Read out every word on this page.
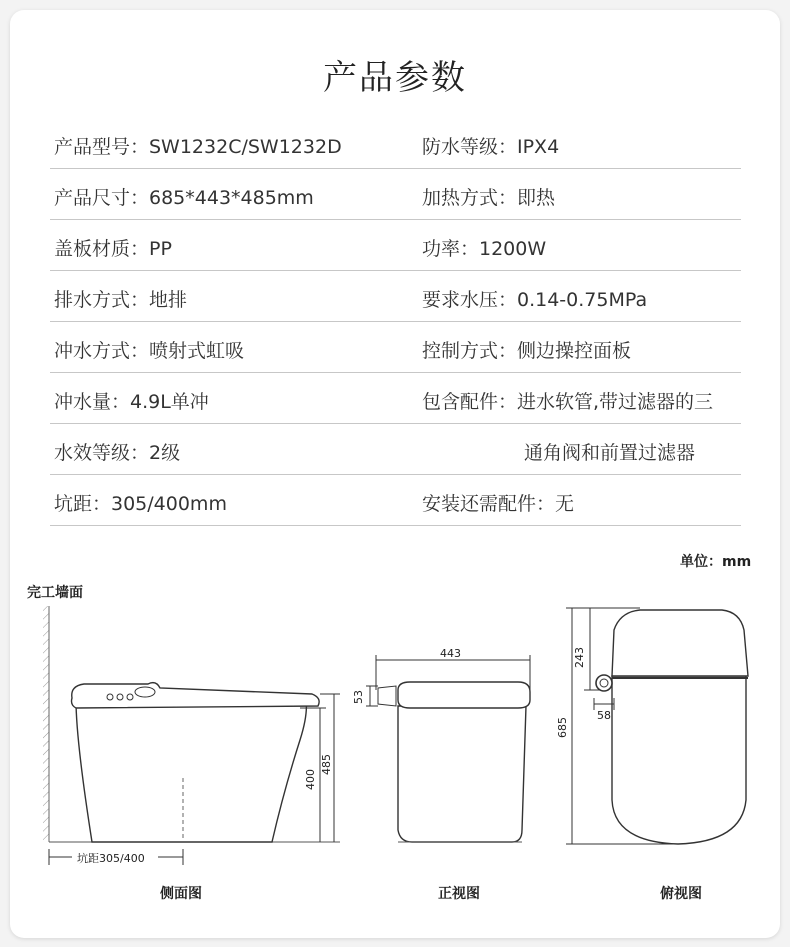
产品参数
产品型号：SW1232C/SW1232D	防水等级：IPX4
产品尺寸：685*443*485mm	加热方式：即热
盖板材质：PP	功率：1200W
排水方式：地排	要求水压：0.14-0.75MPa
冲水方式：喷射式虹吸	控制方式：侧边操控面板
冲水量：4.9L单冲	包含配件：进水软管,带过滤器的三
水效等级：2级	通角阀和前置过滤器
坑距：305/400mm	安装还需配件：无
单位：mm
完工墙面
坑距305/400
400
485
侧面图
443
53
正视图
685
243
58
俯视图
